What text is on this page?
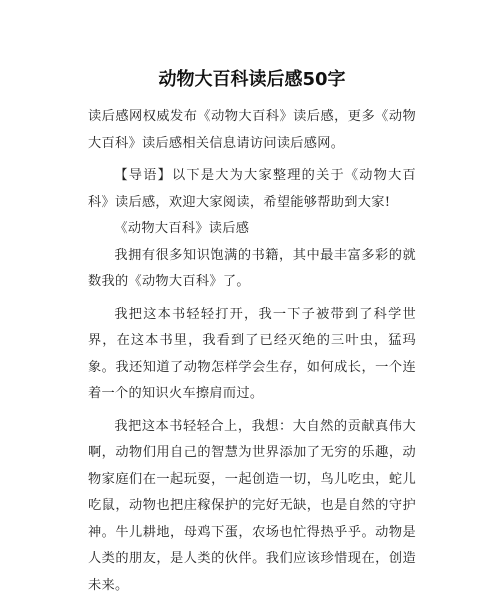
动物大百科读后感50字

读后感网权威发布《动物大百科》读后感，更多《动物大百科》读后感相关信息请访问读后感网。

【导语】以下是大为大家整理的关于《动物大百科》读后感，欢迎大家阅读，希望能够帮助到大家!

《动物大百科》读后感

我拥有很多知识饱满的书籍，其中最丰富多彩的就数我的《动物大百科》了。

我把这本书轻轻打开，我一下子被带到了科学世界，在这本书里，我看到了已经灭绝的三叶虫，猛玛象。我还知道了动物怎样学会生存，如何成长，一个连着一个的知识火车擦肩而过。

我把这本书轻轻合上，我想：大自然的贡献真伟大啊，动物们用自己的智慧为世界添加了无穷的乐趣，动物家庭们在一起玩耍，一起创造一切，鸟儿吃虫，蛇儿吃鼠，动物也把庄稼保护的完好无缺，也是自然的守护神。牛儿耕地，母鸡下蛋，农场也忙得热乎乎。动物是人类的朋友，是人类的伙伴。我们应该珍惜现在，创造未来。
